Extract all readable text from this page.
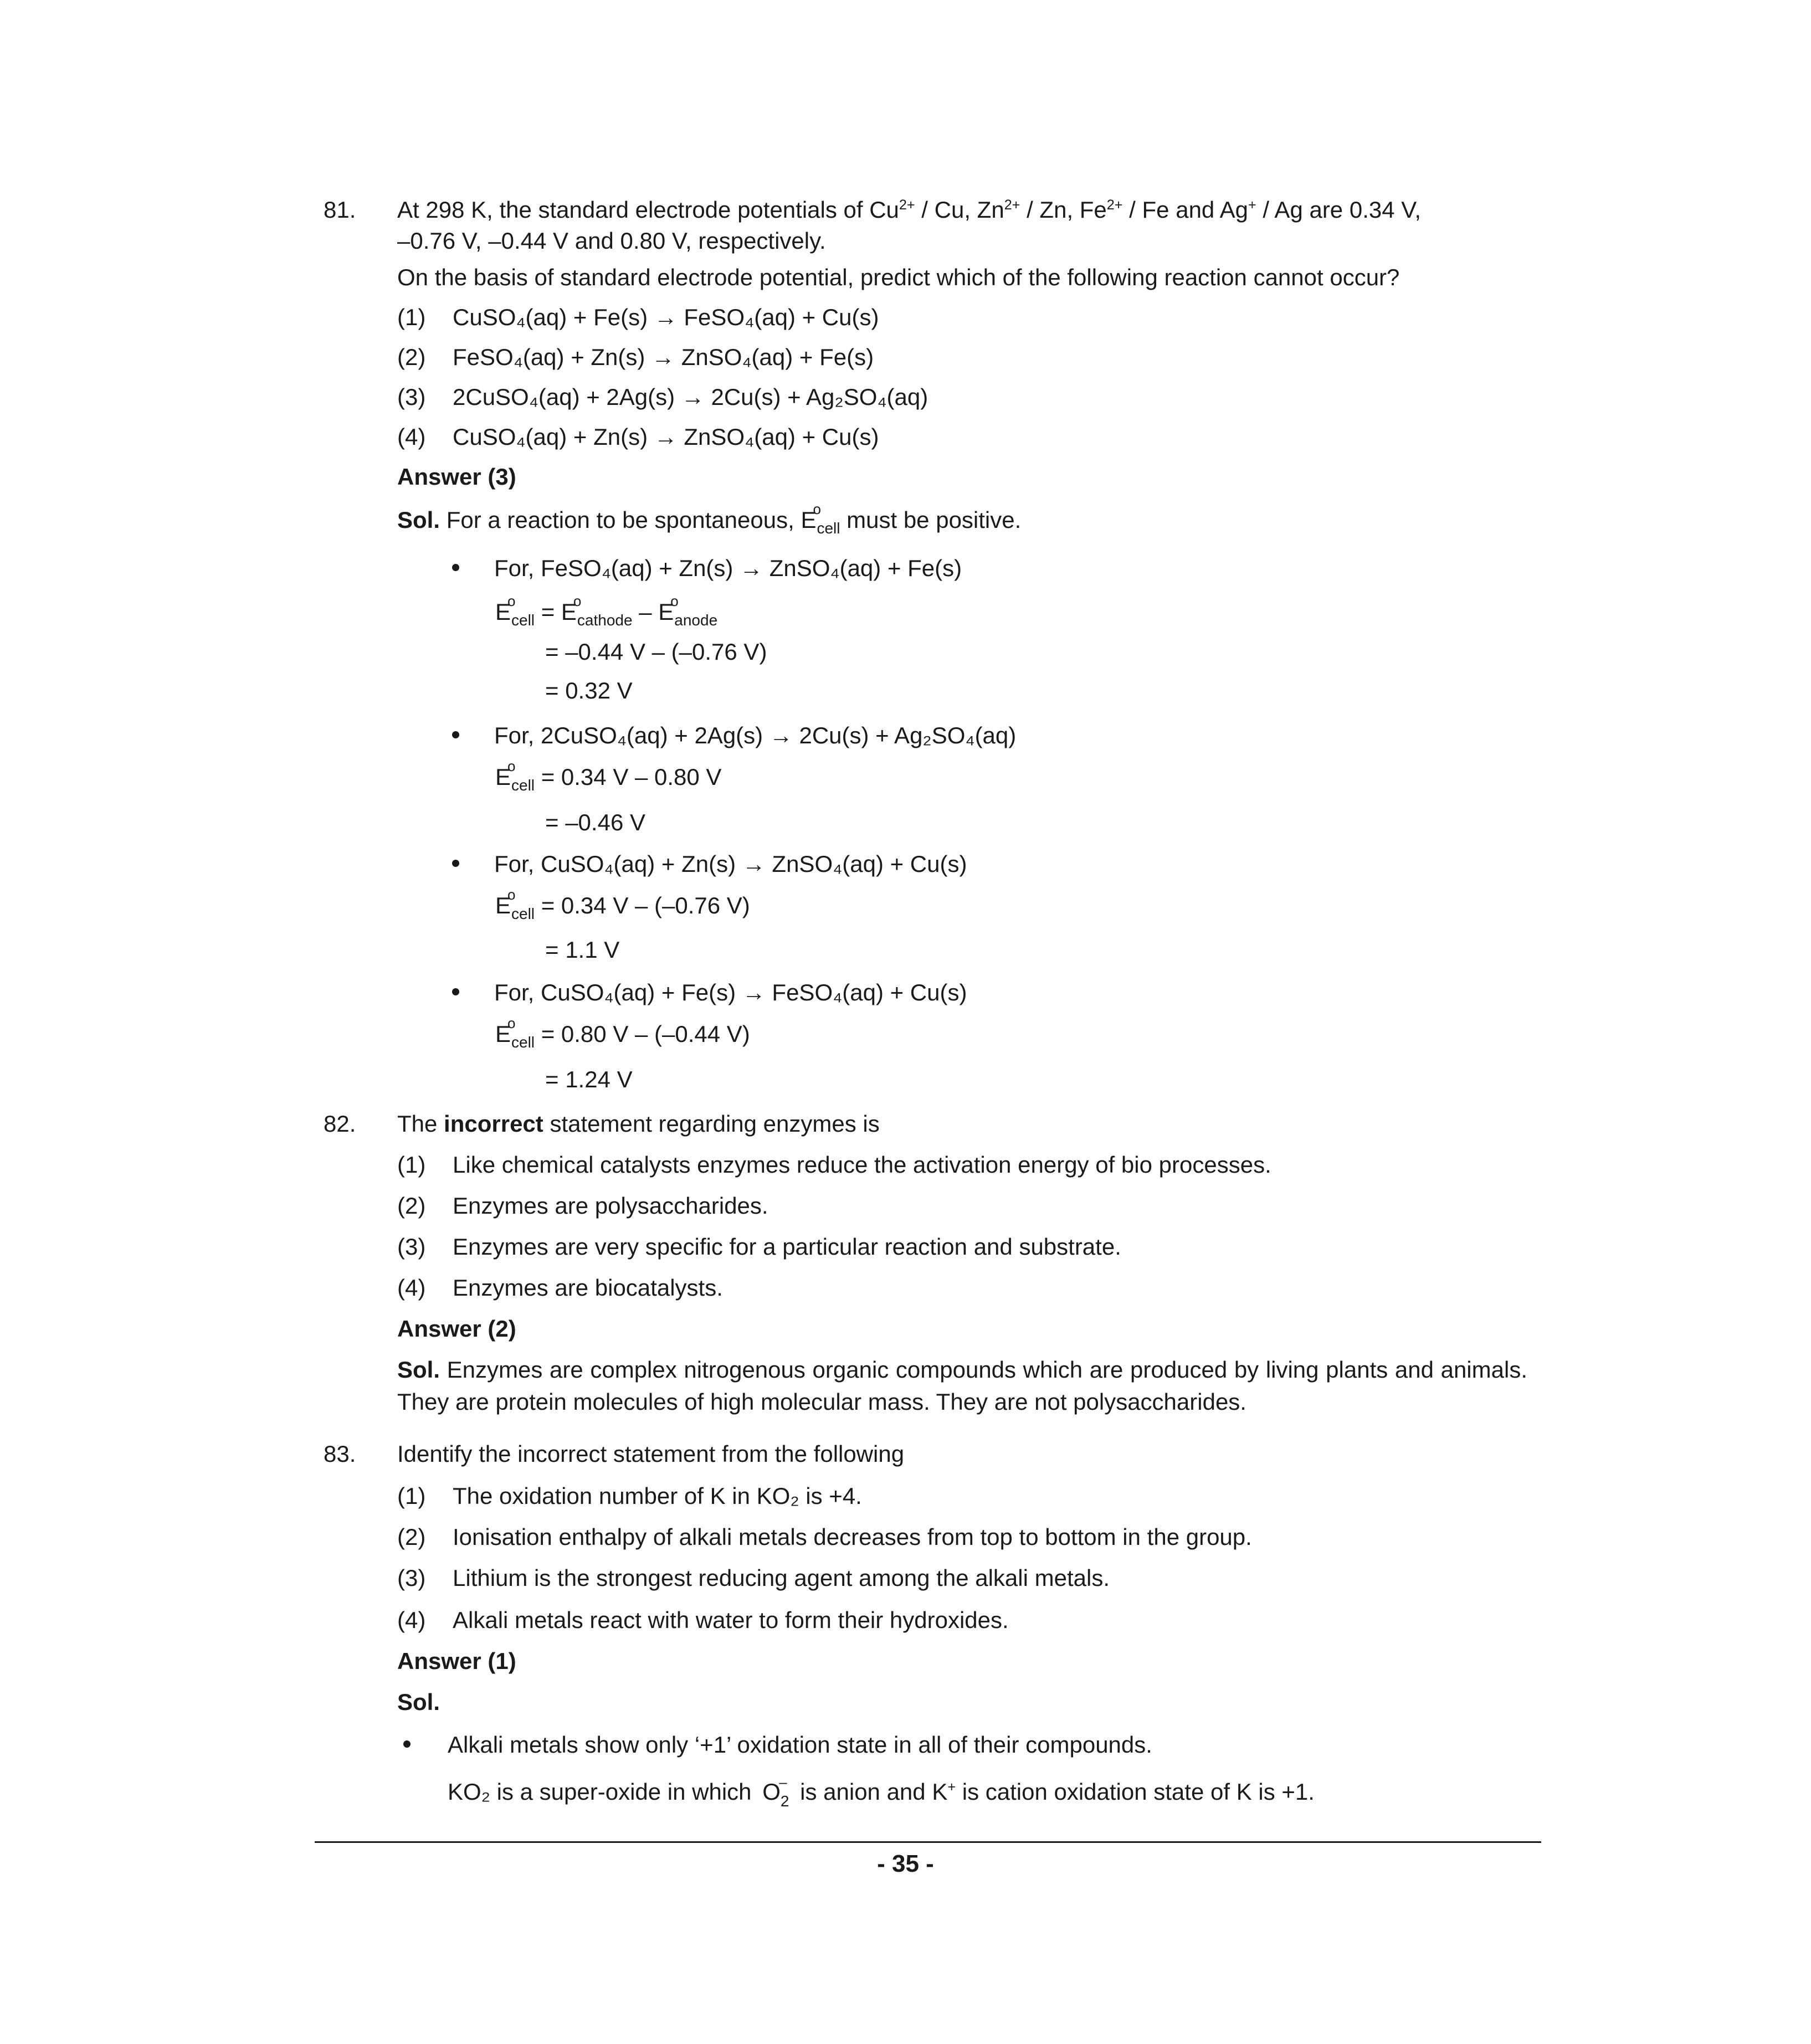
81. At 298 K, the standard electrode potentials of $Cu^{2+}$ / Cu, $Zn^{2+}$ / Zn, $Fe^{2+}$ / Fe and Ag+ / Ag are 0.34 V,
–0.76 V, –0.44 V and 0.80 V, respectively.
On the basis of standard electrode potential, predict which of the following reaction cannot occur?
(1) CuSO₄(aq) + Fe(s) → FeSO₄(aq) + Cu(s)
(2) FeSO₄(aq) + Zn(s) → ZnSO₄(aq) + Fe(s)
(3) 2CuSO₄(aq) + 2Ag(s) → 2Cu(s) + Ag₂SO₄(aq)
(4) CuSO₄(aq) + Zn(s) → ZnSO₄(aq) + Cu(s)
Answer (3)
Sol. For a reaction to be spontaneous, E
o
$_{cell}$ must be positive.
For, FeSO₄(aq) + Zn(s) → ZnSO₄(aq) + Fe(s)
E
o
$_{cell}$ = E
o
$_{cathode}$ – E
o
$_{anode}$
= –0.44 V – (–0.76 V)
= 0.32 V
For, 2CuSO₄(aq) + 2Ag(s) → 2Cu(s) + Ag₂SO₄(aq)
E
o
$_{cell}$ = 0.34 V – 0.80 V
= –0.46 V
For, CuSO₄(aq) + Zn(s) → ZnSO₄(aq) + Cu(s)
E
o
$_{cell}$ = 0.34 V – (–0.76 V)
= 1.1 V
For, CuSO₄(aq) + Fe(s) → FeSO₄(aq) + Cu(s)
E
o
$_{cell}$ = 0.80 V – (–0.44 V)
= 1.24 V
82. The incorrect statement regarding enzymes is
(1) Like chemical catalysts enzymes reduce the activation energy of bio processes.
(2) Enzymes are polysaccharides.
(3) Enzymes are very specific for a particular reaction and substrate.
(4) Enzymes are biocatalysts.
Answer (2)
Sol. Enzymes are complex nitrogenous organic compounds which are produced by living plants and animals. They are protein molecules of high molecular mass. They are not polysaccharides.
83. Identify the incorrect statement from the following
(1) The oxidation number of K in KO₂ is +4.
(2) Ionisation enthalpy of alkali metals decreases from top to bottom in the group.
(3) Lithium is the strongest reducing agent among the alkali metals.
(4) Alkali metals react with water to form their hydroxides.
Answer (1)
Sol.
Alkali metals show only ‘+1’ oxidation state in all of their compounds.
KO₂ is a super-oxide in which O
–
$_2$ is anion and K+ is cation oxidation state of K is +1.
- 35 -
